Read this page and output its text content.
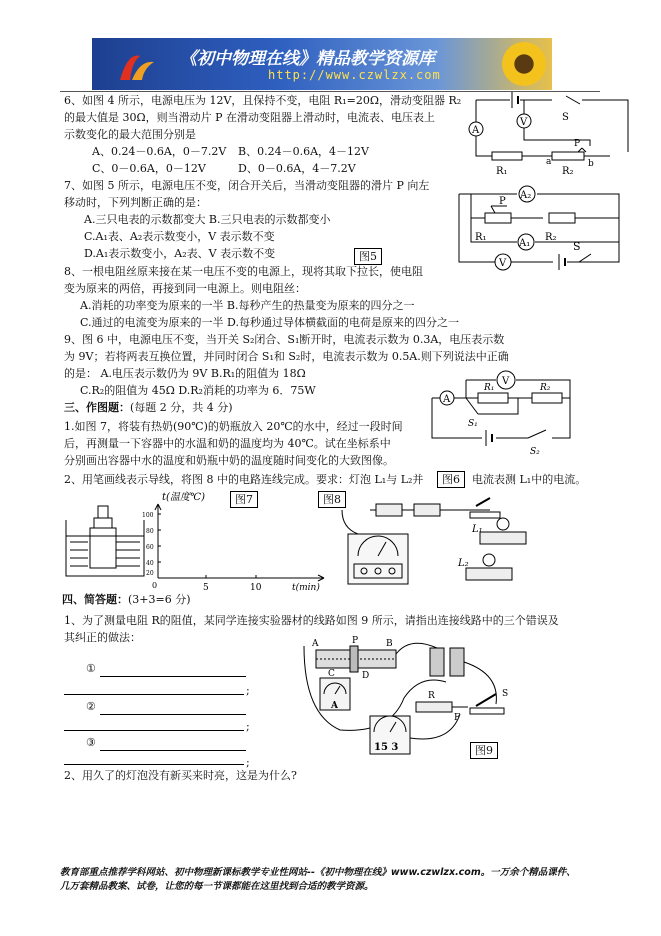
《初中物理在线》精品教学资源库
http://www.czwlzx.com
6、如图 4 所示，电源电压为 12V，且保持不变，电阻 R₁=20Ω，滑动变阻器 R₂
的最大值是 30Ω，则当滑动片 P 在滑动变阻器上滑动时，电流表、电压表上
示数变化的最大范围分别是
A、0.24－0.6A，0－7.2V B、0.24－0.6A，4－12V
C、0－0.6A，0－12V	D、0－0.6A，4－7.2V
A
V	S
R₁	R₂
a	b
P
7、如图 5 所示，电源电压不变，闭合开关后，当滑动变阻器的滑片 P 向左
移动时，下列判断正确的是：
A.三只电表的示数都变大 B.三只电表的示数都变小
C.A₁表、A₂表示数变小，V 表示数不变
D.A₁表示数变小，A₂表、V 表示数不变	图5
A₂
P
R₁
A₁
R₂
S
V
8、一根电阻丝原来接在某一电压不变的电源上，现将其取下拉长，使电阻
变为原来的两倍，再接到同一电源上。则电阻丝：
A.消耗的功率变为原来的一半 B.每秒产生的热量变为原来的四分之一
C.通过的电流变为原来的一半 D.每秒通过导体横截面的电荷是原来的四分之一
9、图 6 中，电源电压不变，当开关 S₂闭合、S₁断开时，电流表示数为 0.3A，电压表示数
为 9V；若将两表互换位置，并同时闭合 S₁和 S₂时，电流表示数为 0.5A.则下列说法中正确
的是： A.电压表示数仍为 9V B.R₁的阻值为 18Ω
C.R₂的阻值为 45Ω D.R₂消耗的功率为 6．75W
V
A
R₁	R₂
S₁
S₂
三、作图题：(每题 2 分，共 4 分)
1.如图 7，将装有热奶(90℃)的奶瓶放入 20℃的水中，经过一段时间
后，再测量一下容器中的水温和奶的温度均为 40℃。试在坐标系中
分别画出容器中水的温度和奶瓶中奶的温度随时间变化的大致图像。
2、用笔画线表示导线，将图 8 中的电路连线完成。要求：灯泡 L₁与 L₂并	图6	电流表测 L₁中的电流。
图7	图8
t(温度℃)
100
80
60
40
20
0	5	10	t(min)
L₁
L₂
四、简答题：(3+3=6 分)
1、为了测量电阻 R的阻值，某同学连接实验器材的线路如图 9 所示，请指出连接线路中的三个错误及
其纠正的做法：
①
;
②
;
③
;
A	P	B
C	D
A
R
F
S
15 3	图9
2、用久了的灯泡没有新买来时亮，这是为什么?
教育部重点推荐学科网站、初中物理新课标教学专业性网站--《初中物理在线》www.czwlzx.com。一万余个精品课件、
几万套精品教案、试卷，让您的每一节课都能在这里找到合适的教学资源。
